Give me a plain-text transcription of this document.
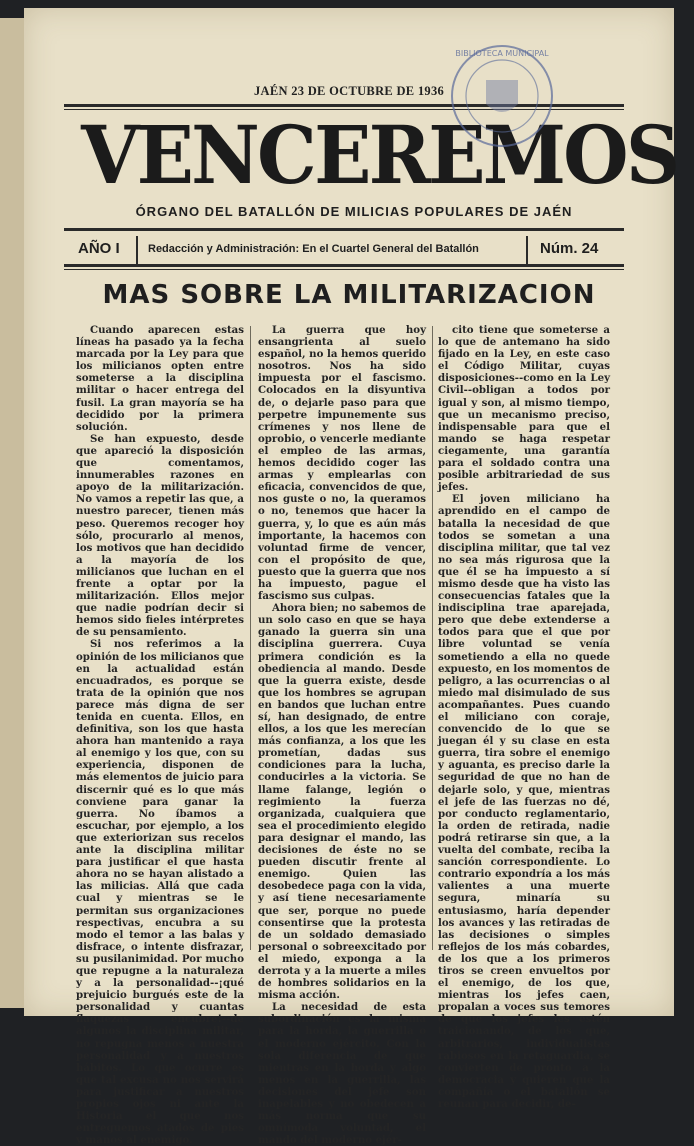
JAÉN 23 DE OCTUBRE DE 1936
VENCEREMOS
ÓRGANO DEL BATALLÓN DE MILICIAS POPULARES DE JAÉN
AÑO I	Redacción y Administración: En el Cuartel General del Batallón	Núm. 24
MAS SOBRE LA MILITARIZACION

Cuando aparecen estas líneas ha pasado ya la fecha marcada por la Ley para que los milicianos opten entre someterse a la disciplina militar o hacer entrega del fusil. La gran mayoría se ha decidido por la primera solución.

Se han expuesto, desde que apareció la disposición que comentamos, innumerables razones en apoyo de la militarización. No vamos a repetir las que, a nuestro parecer, tienen más peso. Queremos recoger hoy sólo, procurarlo al menos, los motivos que han decidido a la mayoría de los milicianos que luchan en el frente a optar por la militarización. Ellos mejor que nadie podrían decir si hemos sido fieles intérpretes de su pensamiento.

Si nos referimos a la opinión de los milicianos que en la actualidad están encuadrados, es porque se trata de la opinión que nos parece más digna de ser tenida en cuenta. Ellos, en definitiva, son los que hasta ahora han mantenido a raya al enemigo y los que, con su experiencia, disponen de más elementos de juicio para discernir qué es lo que más conviene para ganar la guerra. No íbamos a escuchar, por ejemplo, a los que exteriorizan sus recelos ante la disciplina militar para justificar el que hasta ahora no se hayan alistado a las milicias. Allá que cada cual y mientras se le permitan sus organizaciones respectivas, encubra a su modo el temor a las balas y disfrace, o intente disfrazar, su pusilanimidad. Por mucho que repugne a la naturaleza y a la personalidad--¡qué prejuicio burgués este de la personalidad y cuantas flaquezas encubre!--de algunos la disciplina militar, no repugna menos a nuestra personalidad y a nuestros hábitos. Lo que ocurre es que tal excusa no nos servirá para justificar a nuestros propios ojos ni ante la Historia el que nos entreguemos atados de pies y manos al enemigo.

La guerra que hoy ensangrienta al suelo español, no la hemos querido nosotros. Nos ha sido impuesta por el fascismo. Colocados en la disyuntiva de, o dejarle paso para que perpetre impunemente sus crímenes y nos llene de oprobio, o vencerle mediante el empleo de las armas, hemos decidido coger las armas y emplearlas con eficacia, convencidos de que, nos guste o no, la queramos o no, tenemos que hacer la guerra, y, lo que es aún más importante, la hacemos con voluntad firme de vencer, con el propósito de que, puesto que la guerra que nos ha impuesto, pague el fascismo sus culpas.

Ahora bien; no sabemos de un solo caso en que se haya ganado la guerra sin una disciplina guerrera. Cuya primera condición es la obediencia al mando. Desde que la guerra existe, desde que los hombres se agrupan en bandos que luchan entre sí, han designado, de entre ellos, a los que les merecían más confianza, a los que les prometían, dadas sus condiciones para la lucha, conducirles a la victoria. Se llame falange, legión o regimiento la fuerza organizada, cualquiera que sea el procedimiento elegido para designar el mando, las decisiones de éste no se pueden discutir frente al enemigo. Quien las desobedece paga con la vida, y así tiene necesariamente que ser, porque no puede consentirse que la protesta de un soldado demasiado personal o sobreexcitado por el miedo, exponga a la derrota y a la muerte a miles de hombres solidarios en la misma acción.

La necesidad de esta subordinación es la misma para la horda, la guerrilla o el moderno ejército. Con la sola diferencia de que mientras en la horda y algo menos en la guerrilla, las decisiones del jefe son inapelables y no obedecen a más norma que su omnímoda voluntad, el mando del moderno ejér-

cito tiene que someterse a lo que de antemano ha sido fijado en la Ley, en este caso el Código Militar, cuyas disposiciones--como en la Ley Civil--obligan a todos por igual y son, al mismo tiempo, que un mecanismo preciso, indispensable para que el mando se haga respetar ciegamente, una garantía para el soldado contra una posible arbitrariedad de sus jefes.

El joven miliciano ha aprendido en el campo de batalla la necesidad de que todos se sometan a una disciplina militar, que tal vez no sea más rigurosa que la que él se ha impuesto a sí mismo desde que ha visto las consecuencias fatales que la indisciplina trae aparejada, pero que debe extenderse a todos para que el que por libre voluntad se venía sometiendo a ella no quede expuesto, en los momentos de peligro, a las ocurrencias o al miedo mal disimulado de sus acompañantes. Pues cuando el miliciano con coraje, convencido de lo que se juegan él y su clase en esta guerra, tira sobre el enemigo y aguanta, es preciso darle la seguridad de que no han de dejarle solo, y que, mientras el jefe de las fuerzas no dé, por conducto reglamentario, la orden de retirada, nadie podrá retirarse sin que, a la vuelta del combate, reciba la sanción correspondiente. Lo contrario expondría a los más valientes a una muerte segura, minaría su entusiasmo, haría depender los avances y las retiradas de las decisiones o simples reflejos de los más cobardes, de los que a los primeros tiros se creen envueltos por el enemigo, de los que, mientras los jefes caen, propalan a voces sus temores de que los jefes les estén traicionando, de los que, arbitrarios, individualistas rabiosos en la retaguardia, se convierten de pronto a la democracia y quieren que la compañía o el batallón se reunan para decidir, de-

BIBLIOTECA MUNICIPAL
